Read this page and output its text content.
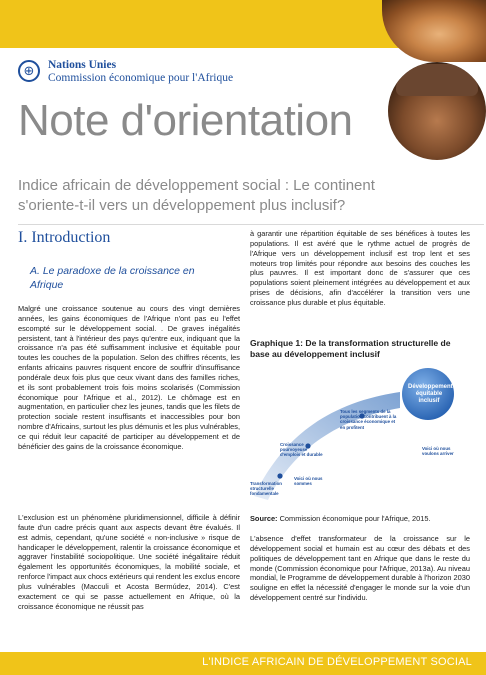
⊕	Nations Unies
Commission économique pour l'Afrique
Note d'orientation
Indice africain de développement social : Le continent s'oriente-t-il vers un développement plus inclusif?
I. Introduction
A. Le paradoxe de la croissance en Afrique
Malgré une croissance soutenue au cours des vingt dernières années, les gains économiques de l'Afrique n'ont pas eu l'effet escompté sur le développement social. . De graves inégalités persistent, tant à l'intérieur des pays qu'entre eux, indiquant que la croissance n'a pas été suffisamment inclusive et équitable pour toutes les couches de la population. Selon des chiffres récents, les enfants africains pauvres risquent encore de souffrir d'insuffisance pondérale deux fois plus que ceux vivant dans des familles riches, et ils sont probablement trois fois moins scolarisés (Commission économique pour l'Afrique et al., 2012). Le chômage est en augmentation, en particulier chez les jeunes, tandis que les filets de protection sociale restent insuffisants et inaccessibles pour bon nombre d'Africains, surtout les plus démunis et les plus vulnérables, ce qui réduit leur capacité de participer au développement et de bénéficier des gains de la croissance économique.
L'exclusion est un phénomène pluridimensionnel, difficile à définir faute d'un cadre précis quant aux aspects devant être évalués. Il est admis, cependant, qu'une société « non-inclusive » risque de handicaper le développement, ralentir la croissance économique et aggraver l'instabilité sociopolitique. Une société inégalitaire réduit également les opportunités économiques, la mobilité sociale, et renforce l'impact aux chocs extérieurs qui rendent les exclus encore plus vulnérables (Macculi et Acosta Bermúdez, 2014). C'est exactement ce qui se passe actuellement en Afrique, où la croissance économique ne réussit pas
à garantir une répartition équitable de ses bénéfices à toutes les populations. Il est avéré que le rythme actuel de progrès de l'Afrique vers un développement inclusif est trop lent et ses moteurs trop limités pour répondre aux besoins des couches les plus pauvres. Il est important donc de s'assurer que ces populations soient pleinement intégrées au développement et aux prises de décisions, afin d'accélérer la transition vers une croissance plus durable et plus équitable.
Graphique 1: De la transformation structurelle de base au développement inclusif
Développement équitable inclusif
Transformation structurelle fondamentale
Croissance pourvoyeuse d'emplois et durable
Tous les segments de la population contribuent à la croissance économique et en profitent
Voici où nous sommes
Voici où nous voulons arriver
Source: Commission économique pour l'Afrique, 2015.
L'absence d'effet transformateur de la croissance sur le développement social et humain est au cœur des débats et des politiques de développement tant en Afrique que dans le reste du monde (Commission économique pour l'Afrique, 2013a). Au niveau mondial, le Programme de développement durable à l'horizon 2030 souligne en effet la nécessité d'engager le monde sur la voie d'un développement centré sur l'individu.
L'INDICE AFRICAIN DE DÉVELOPPEMENT SOCIAL
